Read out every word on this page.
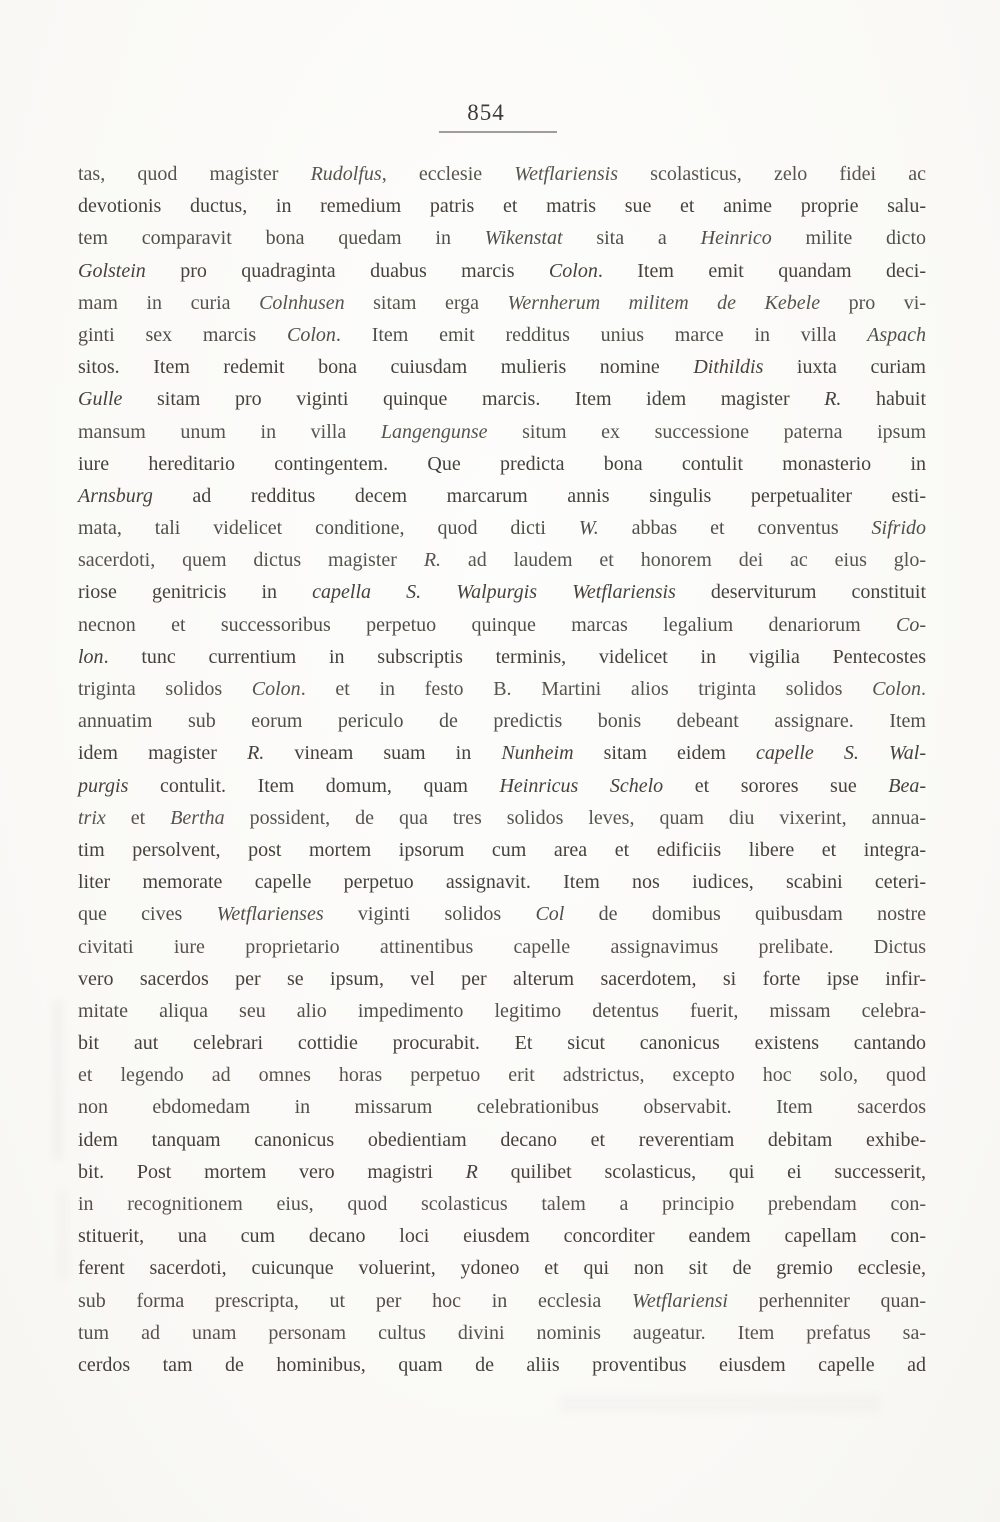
854
tas, quod magister Rudolfus, ecclesie Wetflariensis scolasticus, zelo fidei ac
devotionis ductus, in remedium patris et matris sue et anime proprie salu-
tem comparavit bona quedam in Wikenstat sita a Heinrico milite dicto
Golstein pro quadraginta duabus marcis Colon. Item emit quandam deci-
mam in curia Colnhusen sitam erga Wernherum militem de Kebele pro vi-
ginti sex marcis Colon. Item emit redditus unius marce in villa Aspach
sitos. Item redemit bona cuiusdam mulieris nomine Dithildis iuxta curiam
Gulle sitam pro viginti quinque marcis. Item idem magister R. habuit
mansum unum in villa Langengunse situm ex successione paterna ipsum
iure hereditario contingentem. Que predicta bona contulit monasterio in
Arnsburg ad redditus decem marcarum annis singulis perpetualiter esti-
mata, tali videlicet conditione, quod dicti W. abbas et conventus Sifrido
sacerdoti, quem dictus magister R. ad laudem et honorem dei ac eius glo-
riose genitricis in capella S. Walpurgis Wetflariensis deserviturum constituit
necnon et successoribus perpetuo quinque marcas legalium denariorum Co-
lon. tunc currentium in subscriptis terminis, videlicet in vigilia Pentecostes
triginta solidos Colon. et in festo B. Martini alios triginta solidos Colon.
annuatim sub eorum periculo de predictis bonis debeant assignare. Item
idem magister R. vineam suam in Nunheim sitam eidem capelle S. Wal-
purgis contulit. Item domum, quam Heinricus Schelo et sorores sue Bea-
trix et Bertha possident, de qua tres solidos leves, quam diu vixerint, annua-
tim persolvent, post mortem ipsorum cum area et edificiis libere et integra-
liter memorate capelle perpetuo assignavit. Item nos iudices, scabini ceteri-
que cives Wetflarienses viginti solidos Col de domibus quibusdam nostre
civitati iure proprietario attinentibus capelle assignavimus prelibate. Dictus
vero sacerdos per se ipsum, vel per alterum sacerdotem, si forte ipse infir-
mitate aliqua seu alio impedimento legitimo detentus fuerit, missam celebra-
bit aut celebrari cottidie procurabit. Et sicut canonicus existens cantando
et legendo ad omnes horas perpetuo erit adstrictus, excepto hoc solo, quod
non ebdomedam in missarum celebrationibus observabit. Item sacerdos
idem tanquam canonicus obedientiam decano et reverentiam debitam exhibe-
bit. Post mortem vero magistri R quilibet scolasticus, qui ei successerit,
in recognitionem eius, quod scolasticus talem a principio prebendam con-
stituerit, una cum decano loci eiusdem concorditer eandem capellam con-
ferent sacerdoti, cuicunque voluerint, ydoneo et qui non sit de gremio ecclesie,
sub forma prescripta, ut per hoc in ecclesia Wetflariensi perhenniter quan-
tum ad unam personam cultus divini nominis augeatur. Item prefatus sa-
cerdos tam de hominibus, quam de aliis proventibus eiusdem capelle ad
